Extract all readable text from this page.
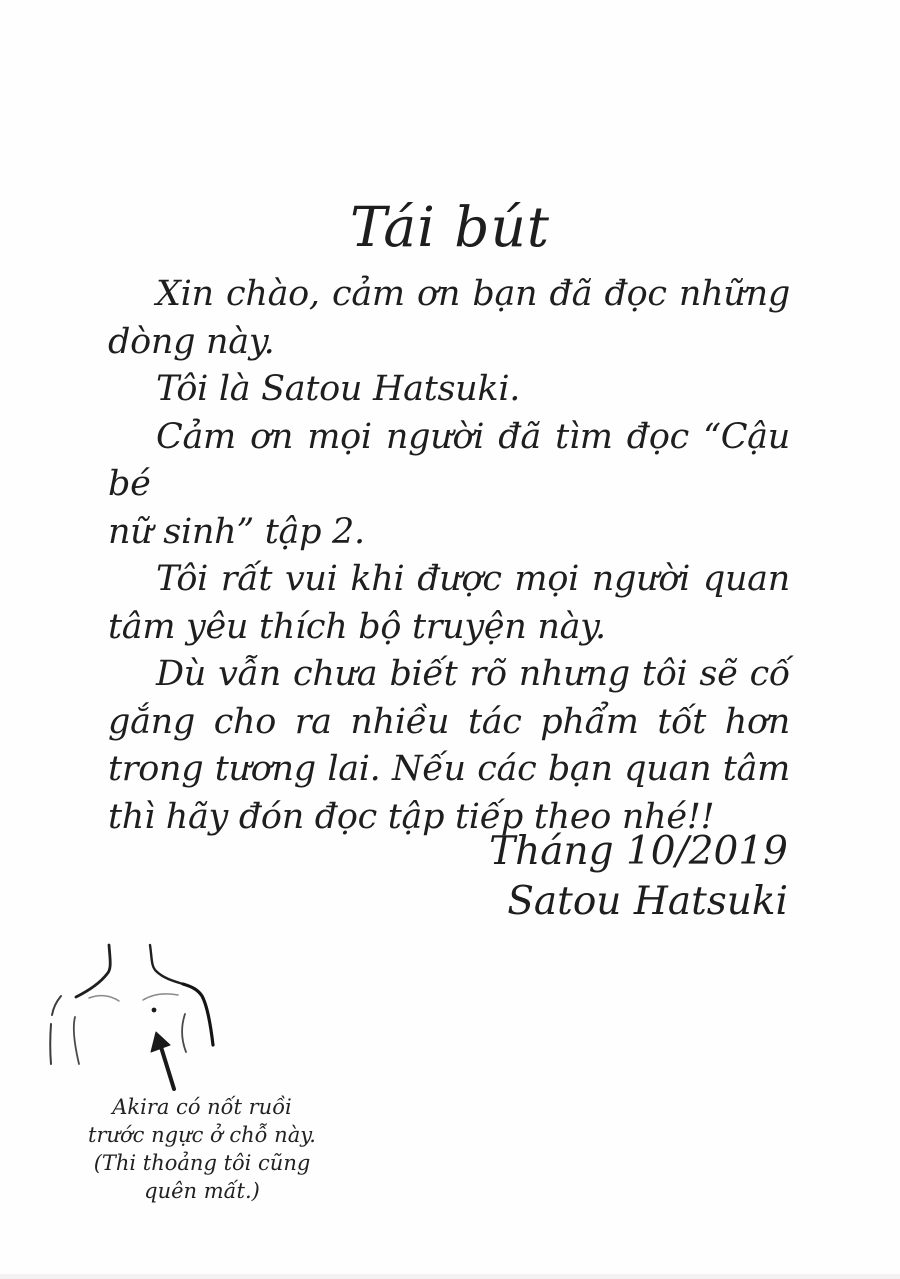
Tái bút
Xin chào, cảm ơn bạn đã đọc những
dòng này.
Tôi là Satou Hatsuki.
Cảm ơn mọi người đã tìm đọc “Cậu bé
nữ sinh” tập 2.
Tôi rất vui khi được mọi người quan
tâm yêu thích bộ truyện này.
Dù vẫn chưa biết rõ nhưng tôi sẽ cố
gắng cho ra nhiều tác phẩm tốt hơn
trong tương lai. Nếu các bạn quan tâm
thì hãy đón đọc tập tiếp theo nhé!!
Tháng 10/2019
Satou Hatsuki
Akira có nốt ruồi
trước ngực ở chỗ này.
(Thi thoảng tôi cũng
quên mất.)
